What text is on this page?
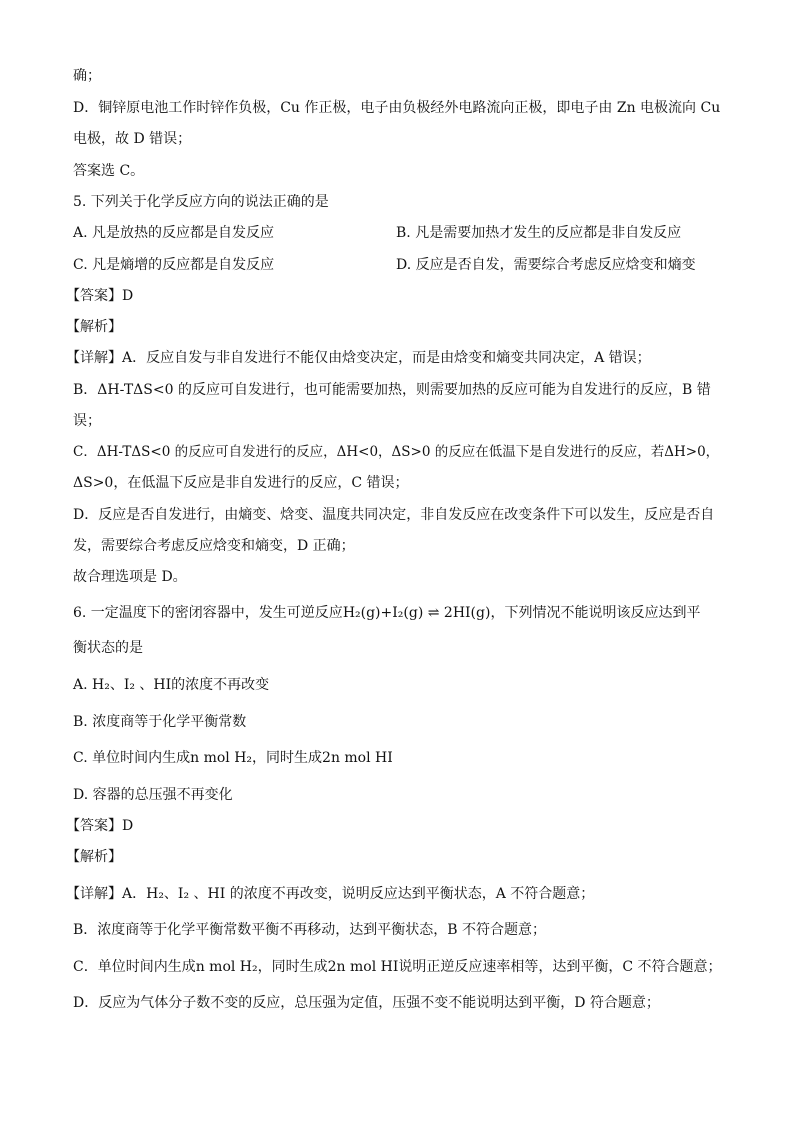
确；
D．铜锌原电池工作时锌作负极，Cu 作正极，电子由负极经外电路流向正极，即电子由 Zn 电极流向 Cu
电极，故 D 错误；
答案选 C。
5. 下列关于化学反应方向的说法正确的是
A. 凡是放热的反应都是自发反应	B. 凡是需要加热才发生的反应都是非自发反应
C. 凡是熵增的反应都是自发反应	D. 反应是否自发，需要综合考虑反应焓变和熵变
【答案】D
【解析】
【详解】A．反应自发与非自发进行不能仅由焓变决定，而是由焓变和熵变共同决定，A 错误；
B．ΔH-TΔS<0 的反应可自发进行，也可能需要加热，则需要加热的反应可能为自发进行的反应，B 错
误；
C．ΔH-TΔS<0 的反应可自发进行的反应，ΔH<0，ΔS>0 的反应在低温下是自发进行的反应，若ΔH>0，
ΔS>0，在低温下反应是非自发进行的反应，C 错误；
D．反应是否自发进行，由熵变、焓变、温度共同决定，非自发反应在改变条件下可以发生，反应是否自
发，需要综合考虑反应焓变和熵变，D 正确；
故合理选项是 D。
6. 一定温度下的密闭容器中，发生可逆反应H₂(g)+I₂(g) ⇌ 2HI(g)，下列情况不能说明该反应达到平
衡状态的是
A. H₂、I₂ 、HI的浓度不再改变
B. 浓度商等于化学平衡常数
C. 单位时间内生成n mol H₂，同时生成2n mol HI
D. 容器的总压强不再变化
【答案】D
【解析】
【详解】A．H₂、I₂ 、HI 的浓度不再改变，说明反应达到平衡状态，A 不符合题意；
B．浓度商等于化学平衡常数平衡不再移动，达到平衡状态，B 不符合题意；
C．单位时间内生成n mol H₂，同时生成2n mol HI说明正逆反应速率相等，达到平衡，C 不符合题意；
D．反应为气体分子数不变的反应，总压强为定值，压强不变不能说明达到平衡，D 符合题意；
